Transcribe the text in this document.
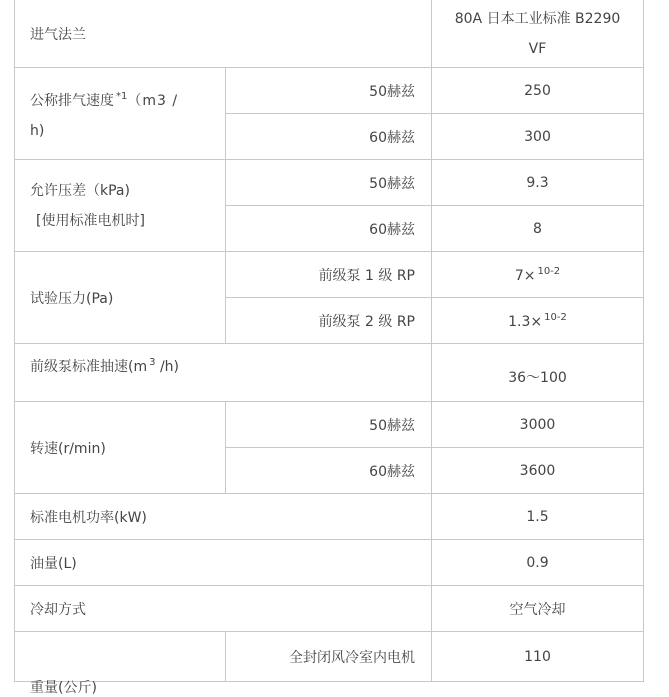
进气法兰		80A 日本工业标准 B2290
VF

公称排气速度 $^{*1}$（m3 /
h)	50赫兹	250
	60赫兹	300

允许压差（kPa)
[使用标准电机时]	50赫兹	9.3
	60赫兹	8
试验压力(Pa)	前级泵 1 级 RP	7× $^{10-2}$
	前级泵 2 级 RP	1.3× $^{10-2}$
前级泵标准抽速(m $^3$ /h)		36～100
转速(r/min)	50赫兹	3000
	60赫兹	3600
标准电机功率(kW)		1.5
油量(L)		0.9
冷却方式		空气冷却

重量(公斤)	全封闭风冷室内电机	110
